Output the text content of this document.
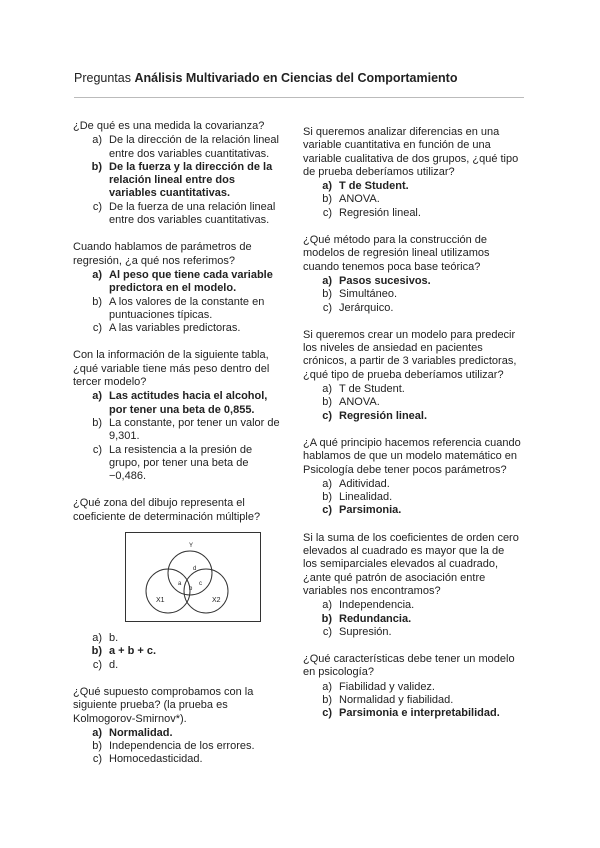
Preguntas Análisis Multivariado en Ciencias del Comportamiento
¿De qué es una medida la covarianza?
a) De la dirección de la relación lineal entre dos variables cuantitativas.
b) De la fuerza y la dirección de la relación lineal entre dos variables cuantitativas.
c) De la fuerza de una relación lineal entre dos variables cuantitativas.
Cuando hablamos de parámetros de regresión, ¿a qué nos referimos?
a) Al peso que tiene cada variable predictora en el modelo.
b) A los valores de la constante en puntuaciones típicas.
c) A las variables predictoras.
Con la información de la siguiente tabla, ¿qué variable tiene más peso dentro del tercer modelo?
a) Las actitudes hacia el alcohol, por tener una beta de 0,855.
b) La constante, por tener un valor de 9,301.
c) La resistencia a la presión de grupo, por tener una beta de −0,486.
¿Qué zona del dibujo representa el coeficiente de determinación múltiple?
Y
d
a
b
c
X1	X2
a) b.
b) a + b + c.
c) d.
¿Qué supuesto comprobamos con la siguiente prueba? (la prueba es Kolmogorov-Smirnov*).
a) Normalidad.
b) Independencia de los errores.
c) Homocedasticidad.
Si queremos analizar diferencias en una variable cuantitativa en función de una variable cualitativa de dos grupos, ¿qué tipo de prueba deberíamos utilizar?
a) T de Student.
b) ANOVA.
c) Regresión lineal.
¿Qué método para la construcción de modelos de regresión lineal utilizamos cuando tenemos poca base teórica?
a) Pasos sucesivos.
b) Simultáneo.
c) Jerárquico.
Si queremos crear un modelo para predecir los niveles de ansiedad en pacientes crónicos, a partir de 3 variables predictoras, ¿qué tipo de prueba deberíamos utilizar?
a) T de Student.
b) ANOVA.
c) Regresión lineal.
¿A qué principio hacemos referencia cuando hablamos de que un modelo matemático en Psicología debe tener pocos parámetros?
a) Aditividad.
b) Linealidad.
c) Parsimonia.
Si la suma de los coeficientes de orden cero elevados al cuadrado es mayor que la de los semiparciales elevados al cuadrado, ¿ante qué patrón de asociación entre variables nos encontramos?
a) Independencia.
b) Redundancia.
c) Supresión.
¿Qué características debe tener un modelo en psicología?
a) Fiabilidad y validez.
b) Normalidad y fiabilidad.
c) Parsimonia e interpretabilidad.
